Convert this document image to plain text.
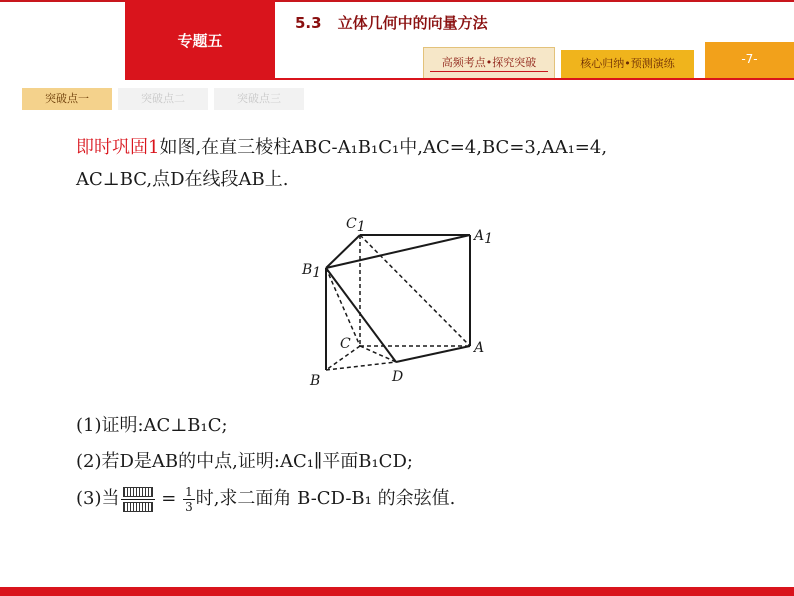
专题五
5.3 立体几何中的向量方法
高频考点•探究突破	核心归纳•预测演练	-7-
突破点一	突破点二	突破点三
即时巩固1如图,在直三棱柱ABC-A₁B₁C₁中,AC=4,BC=3,AA₁=4,
AC⊥BC,点D在线段AB上.
C1
A1
B1
C	A
B	D
(1)证明:AC⊥B₁C;
(2)若D是AB的中点,证明:AC₁∥平面B₁CD;
(3)当 = $\frac{1}{3}$ 时,求二面角 B-CD-B₁ 的余弦值.
